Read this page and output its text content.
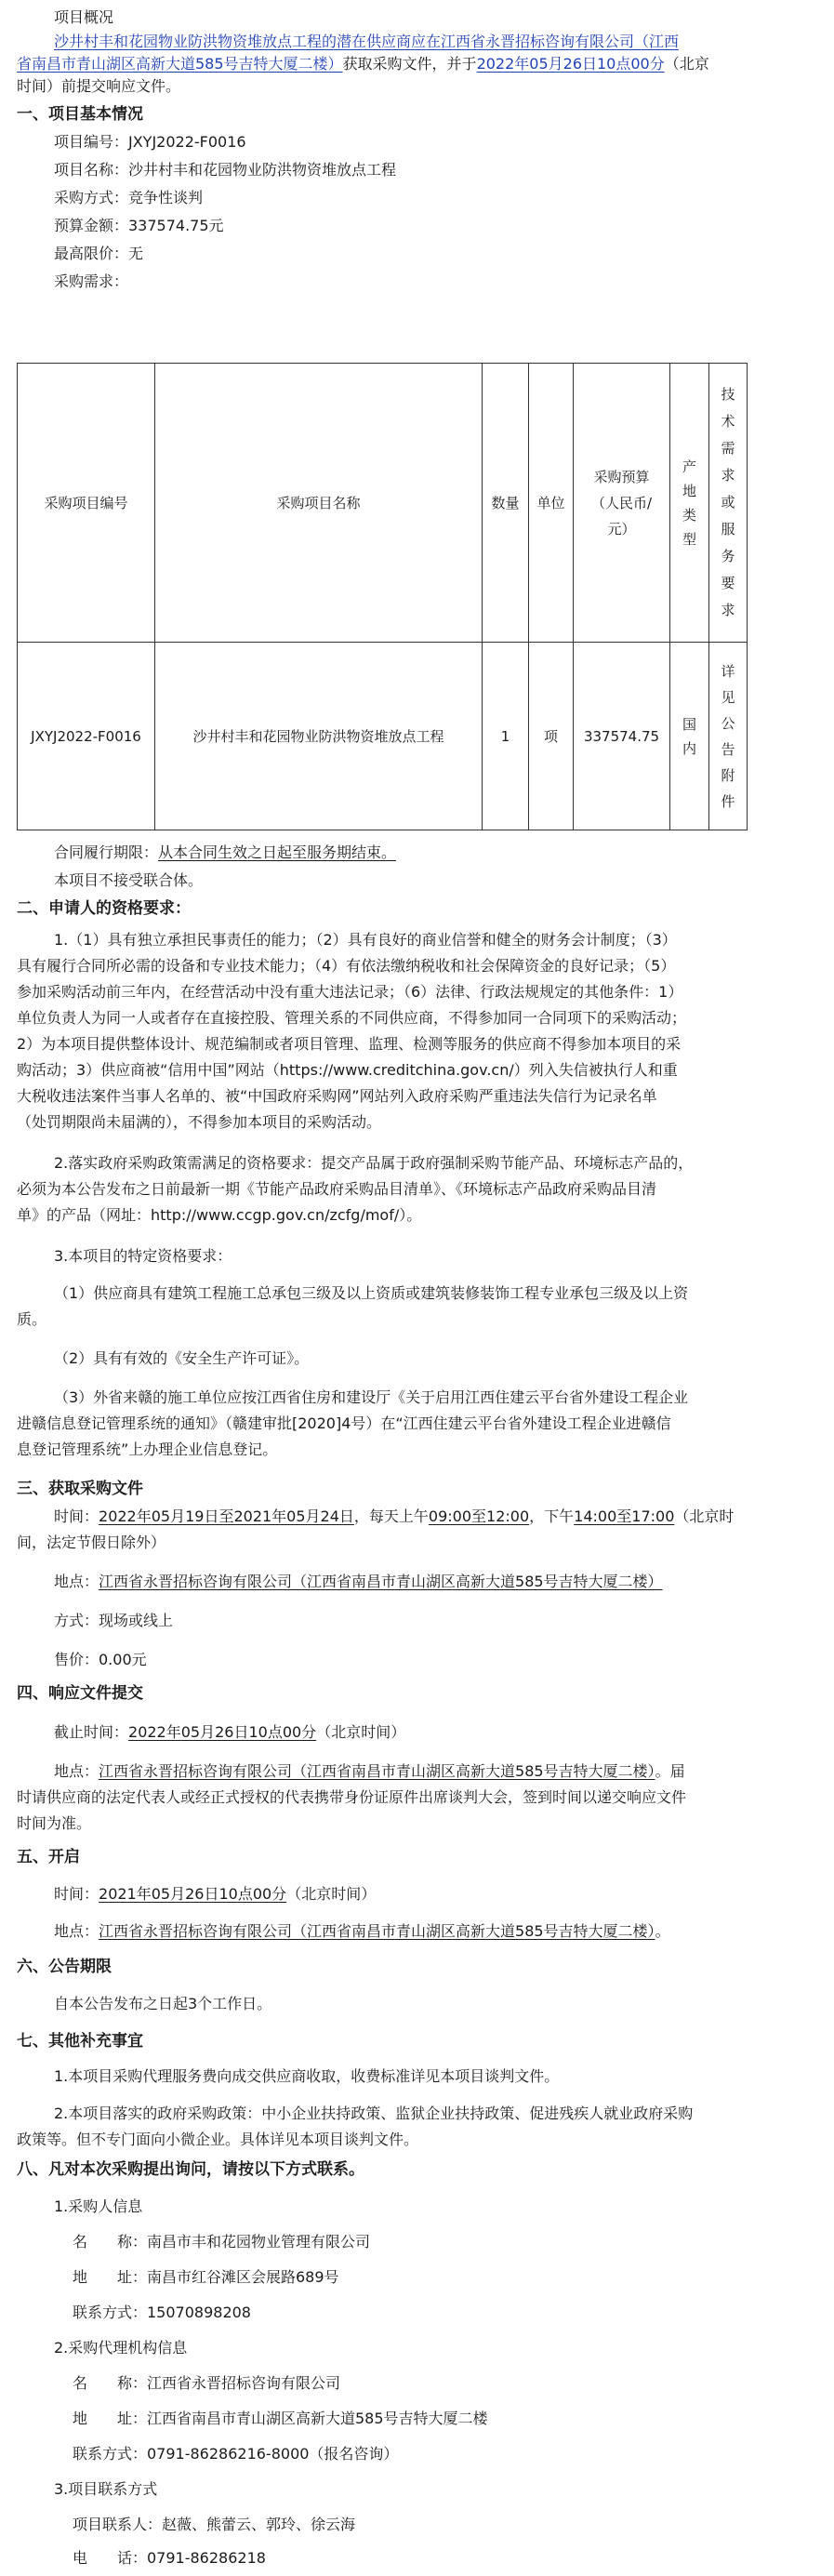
项目概况
沙井村丰和花园物业防洪物资堆放点工程的潜在供应商应在江西省永晋招标咨询有限公司（江西
省南昌市青山湖区高新大道585号吉特大厦二楼）获取采购文件，并于2022年05月26日10点00分（北京
时间）前提交响应文件。
一、项目基本情况
项目编号：JXYJ2022-F0016
项目名称：沙井村丰和花园物业防洪物资堆放点工程
采购方式：竞争性谈判
预算金额：337574.75元
最高限价：无
采购需求：
采购项目编号	采购项目名称	数量	单位	采购预算（人民币/元）	产地类型	技术需求或服务要求

JXYJ2022-F0016	沙井村丰和花园物业防洪物资堆放点工程	1	项	337574.75	国内	详见公告附件
合同履行期限：从本合同生效之日起至服务期结束。
本项目不接受联合体。
二、申请人的资格要求：
1.（1）具有独立承担民事责任的能力；（2）具有良好的商业信誉和健全的财务会计制度；（3）
具有履行合同所必需的设备和专业技术能力；（4）有依法缴纳税收和社会保障资金的良好记录；（5）
参加采购活动前三年内，在经营活动中没有重大违法记录；（6）法律、行政法规规定的其他条件：1）
单位负责人为同一人或者存在直接控股、管理关系的不同供应商，不得参加同一合同项下的采购活动；
2）为本项目提供整体设计、规范编制或者项目管理、监理、检测等服务的供应商不得参加本项目的采
购活动；3）供应商被“信用中国”网站（https://www.creditchina.gov.cn/）列入失信被执行人和重
大税收违法案件当事人名单的、被“中国政府采购网”网站列入政府采购严重违法失信行为记录名单
（处罚期限尚未届满的），不得参加本项目的采购活动。
2.落实政府采购政策需满足的资格要求：提交产品属于政府强制采购节能产品、环境标志产品的，
必须为本公告发布之日前最新一期《节能产品政府采购品目清单》、《环境标志产品政府采购品目清
单》的产品（网址：http://www.ccgp.gov.cn/zcfg/mof/）。
3.本项目的特定资格要求：
（1）供应商具有建筑工程施工总承包三级及以上资质或建筑装修装饰工程专业承包三级及以上资
质。
（2）具有有效的《安全生产许可证》。
（3）外省来赣的施工单位应按江西省住房和建设厅《关于启用江西住建云平台省外建设工程企业
进赣信息登记管理系统的通知》（赣建审批[2020]4号）在“江西住建云平台省外建设工程企业进赣信
息登记管理系统”上办理企业信息登记。
三、获取采购文件
时间：2022年05月19日至2021年05月24日，每天上午09:00至12:00，下午14:00至17:00（北京时
间，法定节假日除外）
地点：江西省永晋招标咨询有限公司（江西省南昌市青山湖区高新大道585号吉特大厦二楼）
方式：现场或线上
售价：0.00元
四、响应文件提交
截止时间：2022年05月26日10点00分（北京时间）
地点：江西省永晋招标咨询有限公司（江西省南昌市青山湖区高新大道585号吉特大厦二楼）。届
时请供应商的法定代表人或经正式授权的代表携带身份证原件出席谈判大会，签到时间以递交响应文件
时间为准。
五、开启
时间：2021年05月26日10点00分（北京时间）
地点：江西省永晋招标咨询有限公司（江西省南昌市青山湖区高新大道585号吉特大厦二楼）。
六、公告期限
自本公告发布之日起3个工作日。
七、其他补充事宜
1.本项目采购代理服务费向成交供应商收取，收费标准详见本项目谈判文件。
2.本项目落实的政府采购政策：中小企业扶持政策、监狱企业扶持政策、促进残疾人就业政府采购
政策等。但不专门面向小微企业。具体详见本项目谈判文件。
八、凡对本次采购提出询问，请按以下方式联系。
1.采购人信息
名　　称：南昌市丰和花园物业管理有限公司
地　　址：南昌市红谷滩区会展路689号
联系方式：15070898208
2.采购代理机构信息
名　　称：江西省永晋招标咨询有限公司
地　　址：江西省南昌市青山湖区高新大道585号吉特大厦二楼
联系方式：0791-86286216-8000（报名咨询）
3.项目联系方式
项目联系人：赵薇、熊蕾云、郭玲、徐云海
电　　话：0791-86286218
